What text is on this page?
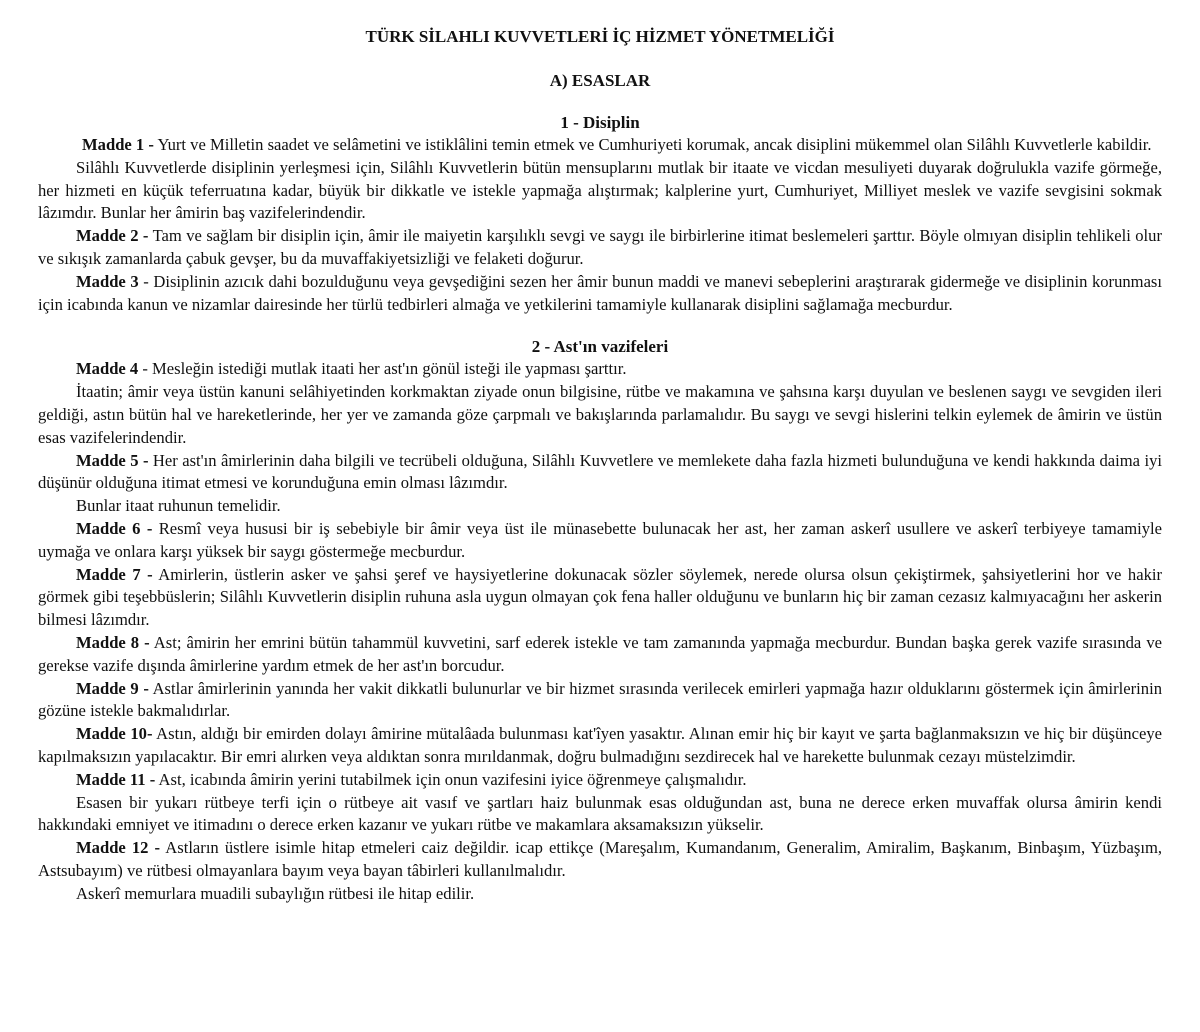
TÜRK SİLAHLI KUVVETLERİ İÇ HİZMET YÖNETMELİĞİ
A) ESASLAR
1 - Disiplin

Madde 1 - Yurt ve Milletin saadet ve selâmetini ve istiklâlini temin etmek ve Cumhuriyeti korumak, ancak disiplini mükemmel olan Silâhlı Kuvvetlerle kabildir.

Silâhlı Kuvvetlerde disiplinin yerleşmesi için, Silâhlı Kuvvetlerin bütün mensuplarını mutlak bir itaate ve vicdan mesuliyeti duyarak doğrulukla vazife görmeğe, her hizmeti en küçük teferruatına kadar, büyük bir dikkatle ve istekle yapmağa alıştırmak; kalplerine yurt, Cumhuriyet, Milliyet meslek ve vazife sevgisini sokmak lâzımdır. Bunlar her âmirin baş vazifelerindendir.

Madde 2 - Tam ve sağlam bir disiplin için, âmir ile maiyetin karşılıklı sevgi ve saygı ile birbirlerine itimat beslemeleri şarttır. Böyle olmıyan disiplin tehlikeli olur ve sıkışık zamanlarda çabuk gevşer, bu da muvaffakiyetsizliği ve felaketi doğurur.

Madde 3 - Disiplinin azıcık dahi bozulduğunu veya gevşediğini sezen her âmir bunun maddi ve manevi sebeplerini araştırarak gidermeğe ve disiplinin korunması için icabında kanun ve nizamlar dairesinde her türlü tedbirleri almağa ve yetkilerini tamamiyle kullanarak disiplini sağlamağa mecburdur.

2 - Ast'ın vazifeleri

Madde 4 - Mesleğin istediği mutlak itaati her ast'ın gönül isteği ile yapması şarttır.

İtaatin; âmir veya üstün kanuni selâhiyetinden korkmaktan ziyade onun bilgisine, rütbe ve makamına ve şahsına karşı duyulan ve beslenen saygı ve sevgiden ileri geldiği, astın bütün hal ve hareketlerinde, her yer ve zamanda göze çarpmalı ve bakışlarında parlamalıdır. Bu saygı ve sevgi hislerini telkin eylemek de âmirin ve üstün esas vazifelerindendir.

Madde 5 - Her ast'ın âmirlerinin daha bilgili ve tecrübeli olduğuna, Silâhlı Kuvvetlere ve memlekete daha fazla hizmeti bulunduğuna ve kendi hakkında daima iyi düşünür olduğuna itimat etmesi ve korunduğuna emin olması lâzımdır.

Bunlar itaat ruhunun temelidir.

Madde 6 - Resmî veya hususi bir iş sebebiyle bir âmir veya üst ile münasebette bulunacak her ast, her zaman askerî usullere ve askerî terbiyeye tamamiyle uymağa ve onlara karşı yüksek bir saygı göstermeğe mecburdur.

Madde 7 - Amirlerin, üstlerin asker ve şahsi şeref ve haysiyetlerine dokunacak sözler söylemek, nerede olursa olsun çekiştirmek, şahsiyetlerini hor ve hakir görmek gibi teşebbüslerin; Silâhlı Kuvvetlerin disiplin ruhuna asla uygun olmayan çok fena haller olduğunu ve bunların hiç bir zaman cezasız kalmıyacağını her askerin bilmesi lâzımdır.

Madde 8 - Ast; âmirin her emrini bütün tahammül kuvvetini, sarf ederek istekle ve tam zamanında yapmağa mecburdur. Bundan başka gerek vazife sırasında ve gerekse vazife dışında âmirlerine yardım etmek de her ast'ın borcudur.

Madde 9 - Astlar âmirlerinin yanında her vakit dikkatli bulunurlar ve bir hizmet sırasında verilecek emirleri yapmağa hazır olduklarını göstermek için âmirlerinin gözüne istekle bakmalıdırlar.

Madde 10- Astın, aldığı bir emirden dolayı âmirine mütalâada bulunması kat'îyen yasaktır. Alınan emir hiç bir kayıt ve şarta bağlanmaksızın ve hiç bir düşünceye kapılmaksızın yapılacaktır. Bir emri alırken veya aldıktan sonra mırıldanmak, doğru bulmadığını sezdirecek hal ve harekette bulunmak cezayı müstelzimdir.

Madde 11 - Ast, icabında âmirin yerini tutabilmek için onun vazifesini iyice öğrenmeye çalışmalıdır.

Esasen bir yukarı rütbeye terfi için o rütbeye ait vasıf ve şartları haiz bulunmak esas olduğundan ast, buna ne derece erken muvaffak olursa âmirin kendi hakkındaki emniyet ve itimadını o derece erken kazanır ve yukarı rütbe ve makamlara aksamaksızın yükselir.

Madde 12 - Astların üstlere isimle hitap etmeleri caiz değildir. icap ettikçe (Mareşalım, Kumandanım, Generalim, Amiralim, Başkanım, Binbaşım, Yüzbaşım, Astsubayım) ve rütbesi olmayanlara bayım veya bayan tâbirleri kullanılmalıdır.

Askerî memurlara muadili subaylığın rütbesi ile hitap edilir.
